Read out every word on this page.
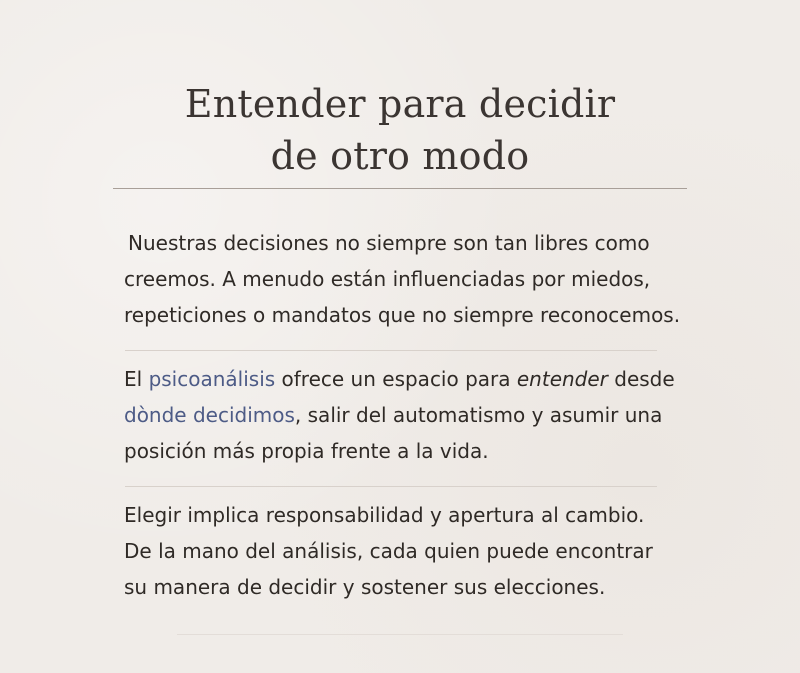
Entender para decidir
de otro modo
Nuestras decisiones no siempre son tan libres como
creemos. A menudo están influenciadas por miedos,
repeticiones o mandatos que no siempre reconocemos.
El psicoanálisis ofrece un espacio para entender desde
dònde decidimos, salir del automatismo y asumir una
posición más propia frente a la vida.
Elegir implica responsabilidad y apertura al cambio.
De la mano del análisis, cada quien puede encontrar
su manera de decidir y sostener sus elecciones.
